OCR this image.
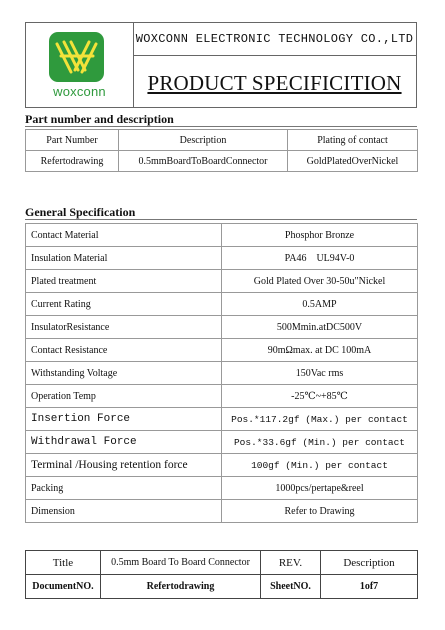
woxconn
WOXCONN ELECTRONIC TECHNOLOGY CO.,LTD
PRODUCT SPECIFICITION
Part number and description
Part Number	Description	Plating of contact
Refertodrawing	0.5mmBoardToBoardConnector	GoldPlatedOverNickel
General Specification
Contact Material	Phosphor Bronze
Insulation Material	PA46    UL94V-0
Plated treatment	Gold Plated Over 30-50u"Nickel
Current Rating	0.5AMP
InsulatorResistance	500Mmin.atDC500V
Contact Resistance	90mΩmax. at DC 100mA
Withstanding Voltage	150Vac rms
Operation Temp	-25℃~+85℃
Insertion Force	Pos.*117.2gf (Max.) per contact
Withdrawal Force	Pos.*33.6gf (Min.) per contact
Terminal /Housing retention force	100gf (Min.) per contact
Packing	1000pcs/pertape&reel
Dimension	Refer to Drawing
Title	0.5mm Board To Board Connector	REV.	Description
DocumentNO.	Refertodrawing	SheetNO.	1of7
